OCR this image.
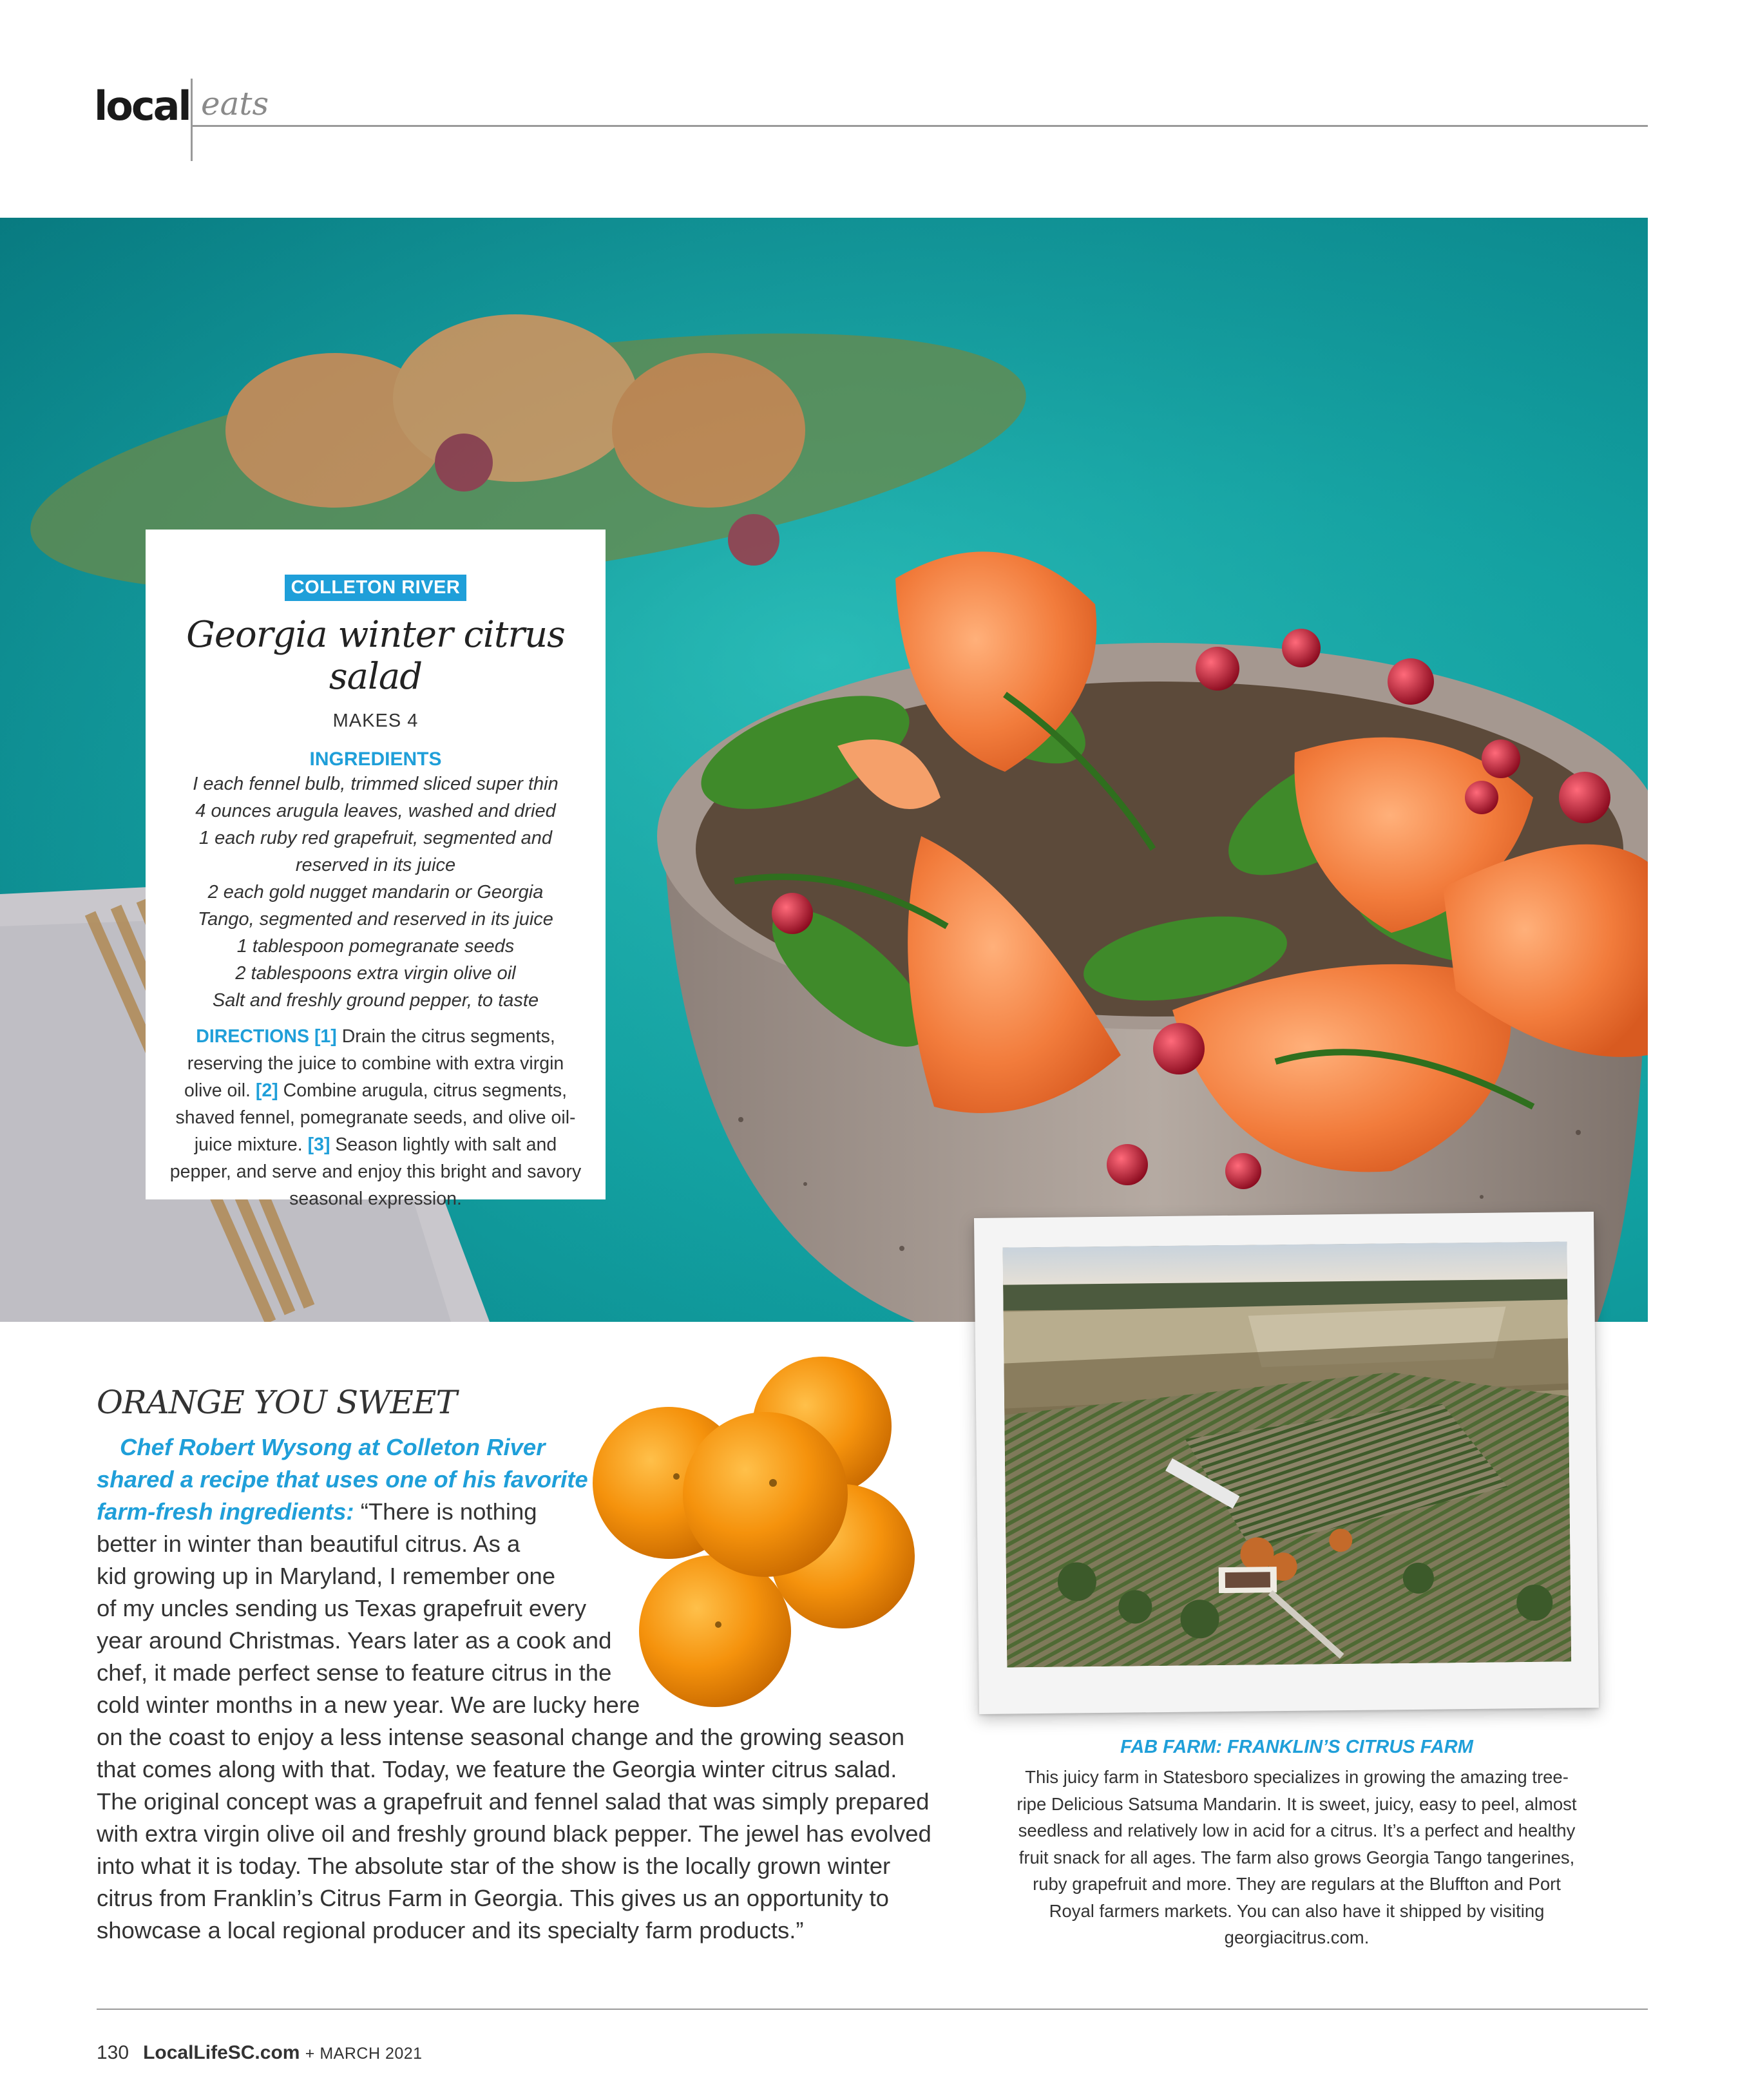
local eats
COLLETON RIVER
Georgia winter citrus salad
MAKES 4
INGREDIENTS
I each fennel bulb, trimmed sliced super thin
4 ounces arugula leaves, washed and dried
1 each ruby red grapefruit, segmented and
reserved in its juice
2 each gold nugget mandarin or Georgia
Tango, segmented and reserved in its juice
1 tablespoon pomegranate seeds
2 tablespoons extra virgin olive oil
Salt and freshly ground pepper, to taste
DIRECTIONS [1] Drain the citrus segments, reserving the juice to combine with extra virgin olive oil. [2] Combine arugula, citrus segments, shaved fennel, pomegranate seeds, and olive oil-juice mixture. [3] Season lightly with salt and pepper, and serve and enjoy this bright and savory seasonal expression.
ORANGE YOU SWEET
Chef Robert Wysong at Colleton River
shared a recipe that uses one of his favorite
farm-fresh ingredients: “There is nothing
better in winter than beautiful citrus. As a
kid growing up in Maryland, I remember one
of my uncles sending us Texas grapefruit every
year around Christmas. Years later as a cook and
chef, it made perfect sense to feature citrus in the
cold winter months in a new year. We are lucky here
on the coast to enjoy a less intense seasonal change and the growing season
that comes along with that. Today, we feature the Georgia winter citrus salad.
The original concept was a grapefruit and fennel salad that was simply prepared
with extra virgin olive oil and freshly ground black pepper. The jewel has evolved
into what it is today. The absolute star of the show is the locally grown winter
citrus from Franklin’s Citrus Farm in Georgia. This gives us an opportunity to
showcase a local regional producer and its specialty farm products.”
FAB FARM: FRANKLIN’S CITRUS FARM
This juicy farm in Statesboro specializes in growing the amazing tree-ripe Delicious Satsuma Mandarin. It is sweet, juicy, easy to peel, almost seedless and relatively low in acid for a citrus. It’s a perfect and healthy fruit snack for all ages. The farm also grows Georgia Tango tangerines, ruby grapefruit and more. They are regulars at the Bluffton and Port Royal farmers markets. You can also have it shipped by visiting georgiacitrus.com.
130 LocalLifeSC.com + MARCH 2021
